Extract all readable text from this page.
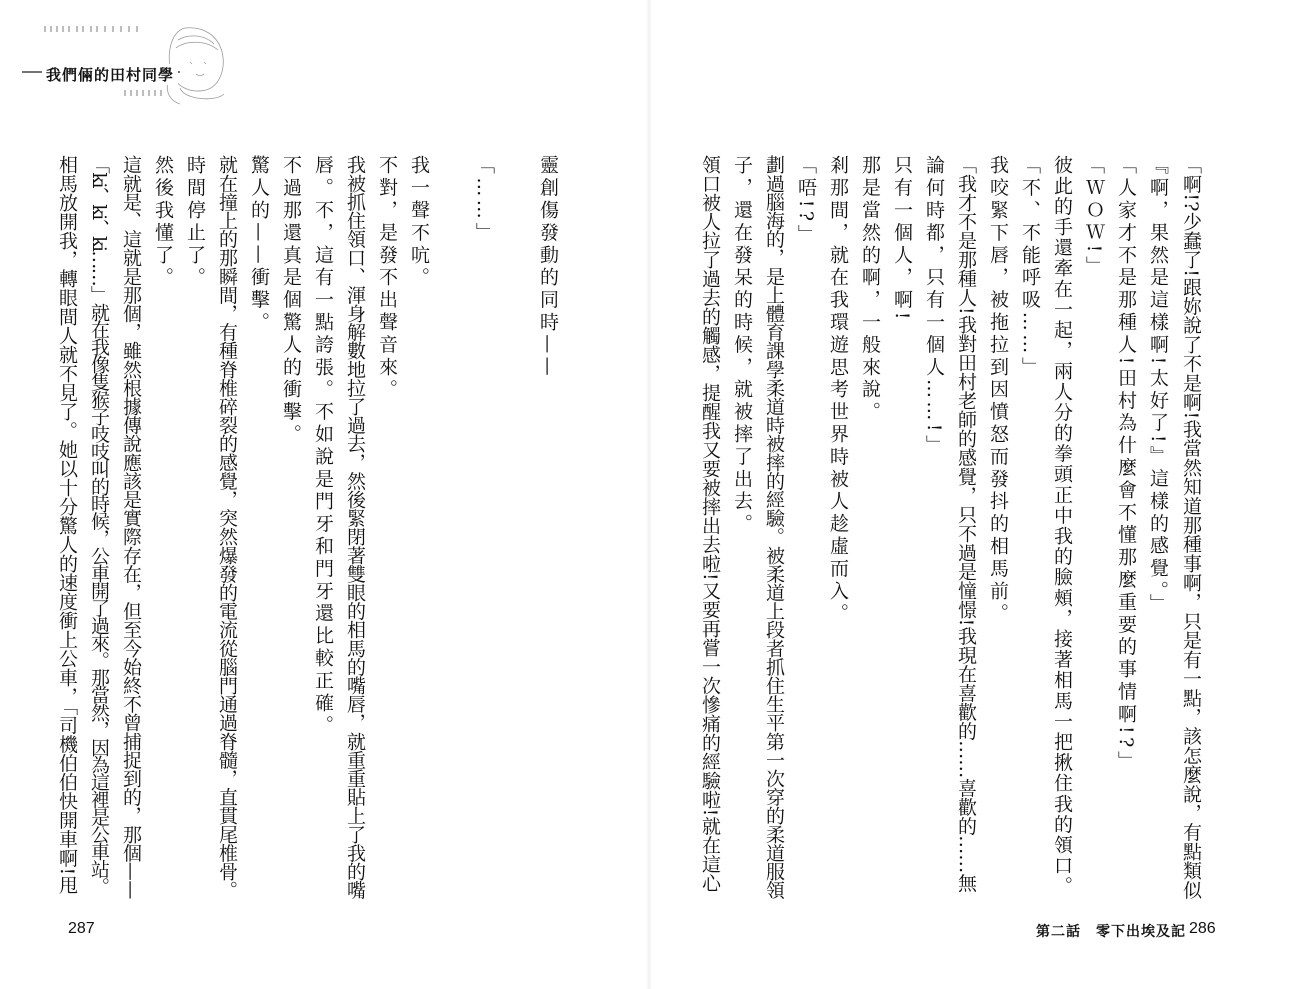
我們倆的田村同學
「啊!?少蠢了!跟妳說了不是啊!我當然知道那種事啊，只是有一點，該怎麼說，有點類似
『啊，果然是這樣啊!太好了!』這樣的感覺。」
「人家才不是那種人!田村為什麼會不懂那麼重要的事情啊!?」
「ＷＯＷ!」
彼此的手還牽在一起，兩人分的拳頭正中我的臉頰，接著相馬一把揪住我的領口。
「不、不能呼吸……」
我咬緊下唇，被拖拉到因憤怒而發抖的相馬前。
「我才不是那種人!我對田村老師的感覺，只不過是憧憬!我現在喜歡的……喜歡的……無
論何時都，只有一個人……!」
只有一個人，啊!
那是當然的啊，一般來說。
剎那間，就在我環遊思考世界時被人趁虛而入。
「唔!?」
劃過腦海的，是上體育課學柔道時被摔的經驗。被柔道上段者抓住生平第一次穿的柔道服領
子，還在發呆的時候，就被摔了出去。
領口被人拉了過去的觸感，提醒我又要被摔出去啦!又要再嘗一次慘痛的經驗啦!就在這心
靈創傷發動的同時——
「……」
我一聲不吭。
不對，是發不出聲音來。
我被抓住領口、渾身解數地拉了過去，然後緊閉著雙眼的相馬的嘴唇，就重重貼上了我的嘴
唇。不，這有一點誇張。不如說是門牙和門牙還比較正確。
不過那還真是個驚人的衝擊。
驚人的——衝擊。
就在撞上的那瞬間，有種脊椎碎裂的感覺，突然爆發的電流從腦門通過脊髓，直貫尾椎骨。
時間停止了。
然後我懂了。
這就是、這就是那個，雖然根據傳說應該是實際存在，但至今始終不曾捕捉到的，那個——
「ki、ki、ki……」就在我像隻猴子吱吱叫的時候，公車開了過來。那當然，因為這裡是公車站。
相馬放開我，轉眼間人就不見了。她以十分驚人的速度衝上公車，「司機伯伯快開車啊!甩
287	第二話　零下出埃及記 286
